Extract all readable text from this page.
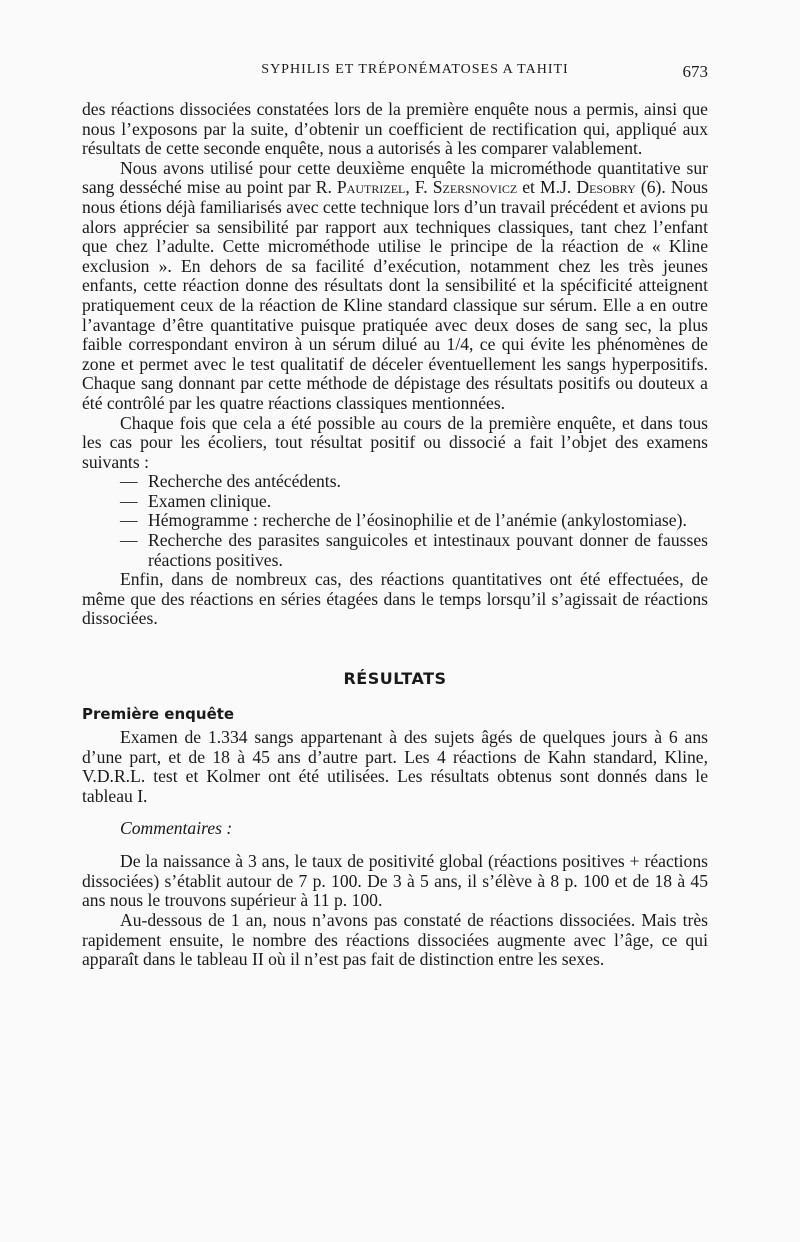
SYPHILIS ET TRÉPONÉMATOSES A TAHITI	673

des réactions dissociées constatées lors de la première enquête nous a permis, ainsi que nous l’exposons par la suite, d’obtenir un coefficient de rectification qui, appliqué aux résultats de cette seconde enquête, nous a autorisés à les comparer valablement.

Nous avons utilisé pour cette deuxième enquête la microméthode quantitative sur sang desséché mise au point par R. Pautrizel, F. Szersnovicz et M.J. Desobry (6). Nous nous étions déjà familiarisés avec cette technique lors d’un travail précédent et avions pu alors apprécier sa sensibilité par rapport aux techniques classiques, tant chez l’enfant que chez l’adulte. Cette microméthode utilise le principe de la réaction de « Kline exclusion ». En dehors de sa facilité d’exécution, notamment chez les très jeunes enfants, cette réaction donne des résultats dont la sensibilité et la spécificité atteignent pratiquement ceux de la réaction de Kline standard classique sur sérum. Elle a en outre l’avantage d’être quantitative puisque pratiquée avec deux doses de sang sec, la plus faible correspondant environ à un sérum dilué au 1/4, ce qui évite les phénomènes de zone et permet avec le test qualitatif de déceler éventuellement les sangs hyperpositifs. Chaque sang donnant par cette méthode de dépistage des résultats positifs ou douteux a été contrôlé par les quatre réactions classiques mentionnées.

Chaque fois que cela a été possible au cours de la première enquête, et dans tous les cas pour les écoliers, tout résultat positif ou dissocié a fait l’objet des examens suivants :

— Recherche des antécédents.
— Examen clinique.
— Hémogramme : recherche de l’éosinophilie et de l’anémie (ankylostomiase).
— Recherche des parasites sanguicoles et intestinaux pouvant donner de fausses réactions positives.

Enfin, dans de nombreux cas, des réactions quantitatives ont été effectuées, de même que des réactions en séries étagées dans le temps lorsqu’il s’agissait de réactions dissociées.

RÉSULTATS
Première enquête

Examen de 1.334 sangs appartenant à des sujets âgés de quelques jours à 6 ans d’une part, et de 18 à 45 ans d’autre part. Les 4 réactions de Kahn standard, Kline, V.D.R.L. test et Kolmer ont été utilisées. Les résultats obtenus sont donnés dans le tableau I.

Commentaires :

De la naissance à 3 ans, le taux de positivité global (réactions positives + réactions dissociées) s’établit autour de 7 p. 100. De 3 à 5 ans, il s’élève à 8 p. 100 et de 18 à 45 ans nous le trouvons supérieur à 11 p. 100.

Au-dessous de 1 an, nous n’avons pas constaté de réactions dissociées. Mais très rapidement ensuite, le nombre des réactions dissociées augmente avec l’âge, ce qui apparaît dans le tableau II où il n’est pas fait de distinction entre les sexes.
